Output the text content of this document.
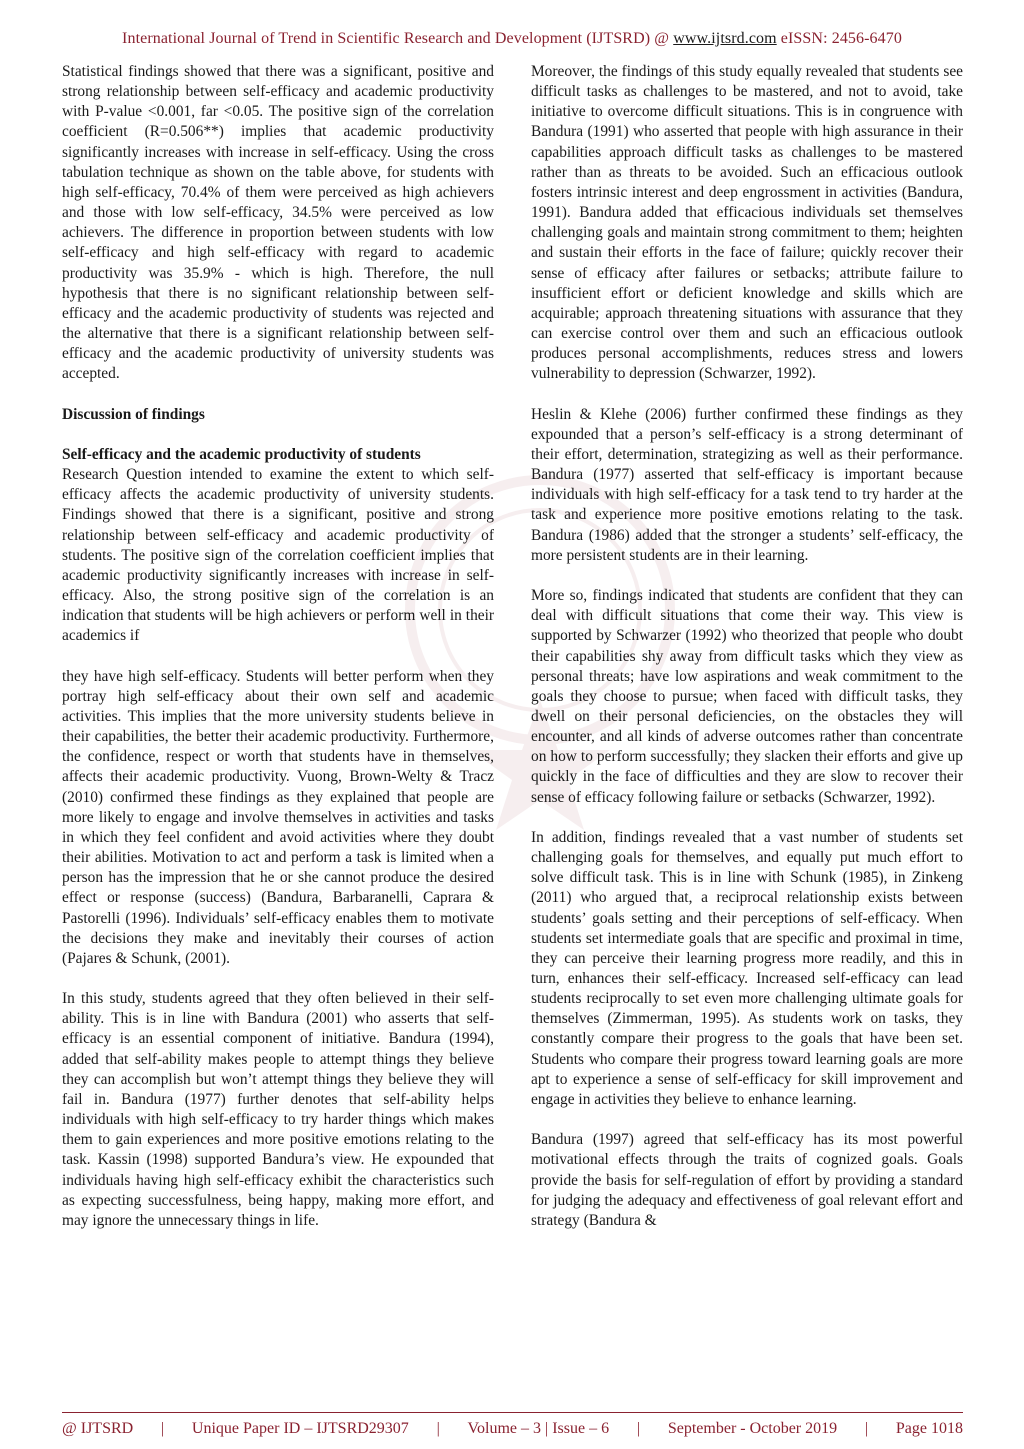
International Journal of Trend in Scientific Research and Development (IJTSRD) @ www.ijtsrd.com eISSN: 2456-6470

Statistical findings showed that there was a significant, positive and strong relationship between self-efficacy and academic productivity with P-value <0.001, far <0.05. The positive sign of the correlation coefficient (R=0.506**) implies that academic productivity significantly increases with increase in self-efficacy. Using the cross tabulation technique as shown on the table above, for students with high self-efficacy, 70.4% of them were perceived as high achievers and those with low self-efficacy, 34.5% were perceived as low achievers. The difference in proportion between students with low self-efficacy and high self-efficacy with regard to academic productivity was 35.9% - which is high. Therefore, the null hypothesis that there is no significant relationship between self-efficacy and the academic productivity of students was rejected and the alternative that there is a significant relationship between self-efficacy and the academic productivity of university students was accepted.

Discussion of findings

Self-efficacy and the academic productivity of students

Research Question intended to examine the extent to which self-efficacy affects the academic productivity of university students. Findings showed that there is a significant, positive and strong relationship between self-efficacy and academic productivity of students. The positive sign of the correlation coefficient implies that academic productivity significantly increases with increase in self-efficacy. Also, the strong positive sign of the correlation is an indication that students will be high achievers or perform well in their academics if

they have high self-efficacy. Students will better perform when they portray high self-efficacy about their own self and academic activities. This implies that the more university students believe in their capabilities, the better their academic productivity. Furthermore, the confidence, respect or worth that students have in themselves, affects their academic productivity. Vuong, Brown-Welty & Tracz (2010) confirmed these findings as they explained that people are more likely to engage and involve themselves in activities and tasks in which they feel confident and avoid activities where they doubt their abilities. Motivation to act and perform a task is limited when a person has the impression that he or she cannot produce the desired effect or response (success) (Bandura, Barbaranelli, Caprara & Pastorelli (1996). Individuals’ self-efficacy enables them to motivate the decisions they make and inevitably their courses of action (Pajares & Schunk, (2001).

In this study, students agreed that they often believed in their self-ability. This is in line with Bandura (2001) who asserts that self-efficacy is an essential component of initiative. Bandura (1994), added that self-ability makes people to attempt things they believe they can accomplish but won’t attempt things they believe they will fail in. Bandura (1977) further denotes that self-ability helps individuals with high self-efficacy to try harder things which makes them to gain experiences and more positive emotions relating to the task. Kassin (1998) supported Bandura’s view. He expounded that individuals having high self-efficacy exhibit the characteristics such as expecting successfulness, being happy, making more effort, and may ignore the unnecessary things in life.

Moreover, the findings of this study equally revealed that students see difficult tasks as challenges to be mastered, and not to avoid, take initiative to overcome difficult situations. This is in congruence with Bandura (1991) who asserted that people with high assurance in their capabilities approach difficult tasks as challenges to be mastered rather than as threats to be avoided. Such an efficacious outlook fosters intrinsic interest and deep engrossment in activities (Bandura, 1991). Bandura added that efficacious individuals set themselves challenging goals and maintain strong commitment to them; heighten and sustain their efforts in the face of failure; quickly recover their sense of efficacy after failures or setbacks; attribute failure to insufficient effort or deficient knowledge and skills which are acquirable; approach threatening situations with assurance that they can exercise control over them and such an efficacious outlook produces personal accomplishments, reduces stress and lowers vulnerability to depression (Schwarzer, 1992).

Heslin & Klehe (2006) further confirmed these findings as they expounded that a person’s self-efficacy is a strong determinant of their effort, determination, strategizing as well as their performance. Bandura (1977) asserted that self-efficacy is important because individuals with high self-efficacy for a task tend to try harder at the task and experience more positive emotions relating to the task. Bandura (1986) added that the stronger a students’ self-efficacy, the more persistent students are in their learning.

More so, findings indicated that students are confident that they can deal with difficult situations that come their way. This view is supported by Schwarzer (1992) who theorized that people who doubt their capabilities shy away from difficult tasks which they view as personal threats; have low aspirations and weak commitment to the goals they choose to pursue; when faced with difficult tasks, they dwell on their personal deficiencies, on the obstacles they will encounter, and all kinds of adverse outcomes rather than concentrate on how to perform successfully; they slacken their efforts and give up quickly in the face of difficulties and they are slow to recover their sense of efficacy following failure or setbacks (Schwarzer, 1992).

In addition, findings revealed that a vast number of students set challenging goals for themselves, and equally put much effort to solve difficult task. This is in line with Schunk (1985), in Zinkeng (2011) who argued that, a reciprocal relationship exists between students’ goals setting and their perceptions of self-efficacy. When students set intermediate goals that are specific and proximal in time, they can perceive their learning progress more readily, and this in turn, enhances their self-efficacy. Increased self-efficacy can lead students reciprocally to set even more challenging ultimate goals for themselves (Zimmerman, 1995). As students work on tasks, they constantly compare their progress to the goals that have been set. Students who compare their progress toward learning goals are more apt to experience a sense of self-efficacy for skill improvement and engage in activities they believe to enhance learning.

Bandura (1997) agreed that self-efficacy has its most powerful motivational effects through the traits of cognized goals. Goals provide the basis for self-regulation of effort by providing a standard for judging the adequacy and effectiveness of goal relevant effort and strategy (Bandura &

@ IJTSRD | Unique Paper ID – IJTSRD29307 | Volume – 3 | Issue – 6 | September - October 2019 | Page 1018
